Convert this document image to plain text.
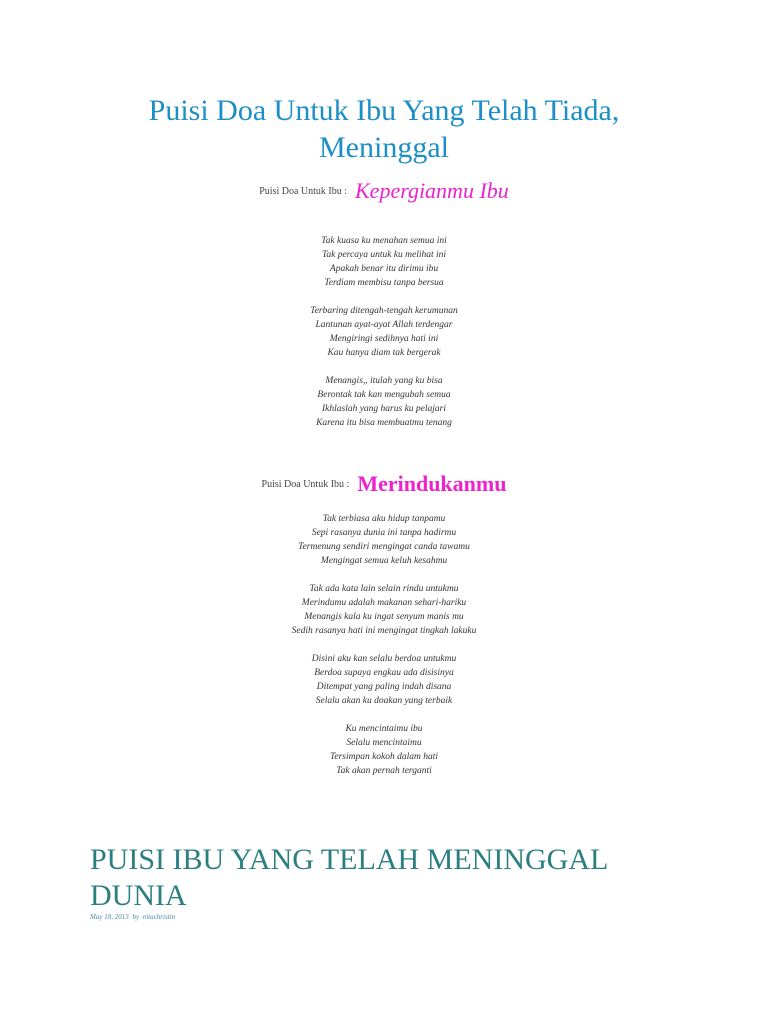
Puisi Doa Untuk Ibu Yang Telah Tiada, Meninggal
$^{Puisi Doa Untuk Ibu :}$ Kepergianmu Ibu

Tak kuasa ku menahan semua ini
Tak percaya untuk ku melihat ini
Apakah benar itu dirimu ibu
Terdiam membisu tanpa bersua

Terbaring ditengah-tengah kerumunan
Lantunan ayat-ayat Allah terdengar
Mengiringi sedihnya hati ini
Kau hanya diam tak bergerak

Menangis,, itulah yang ku bisa
Berontak tak kan mengubah semua
Ikhlaslah yang harus ku pelajari
Karena itu bisa membuatmu tenang

$^{Puisi Doa Untuk Ibu :}$ Merindukanmu

Tak terbiasa aku hidup tanpamu
Sepi rasanya dunia ini tanpa hadirmu
Termenung sendiri mengingat canda tawamu
Mengingat semua keluh kesahmu

Tak ada kata lain selain rindu untukmu
Merindumu adalah makanan sehari-hariku
Menangis kala ku ingat senyum manis mu
Sedih rasanya hati ini mengingat tingkah lakuku

Disini aku kan selalu berdoa untukmu
Berdoa supaya engkau ada disisinya
Ditempat yang paling indah disana
Selalu akan ku doakan yang terbaik

Ku mencintaimu ibu
Selalu mencintaimu
Tersimpan kokoh dalam hati
Tak akan pernah terganti

PUISI IBU YANG TELAH MENINGGAL DUNIA
May 18, 2013 by nitachristin
